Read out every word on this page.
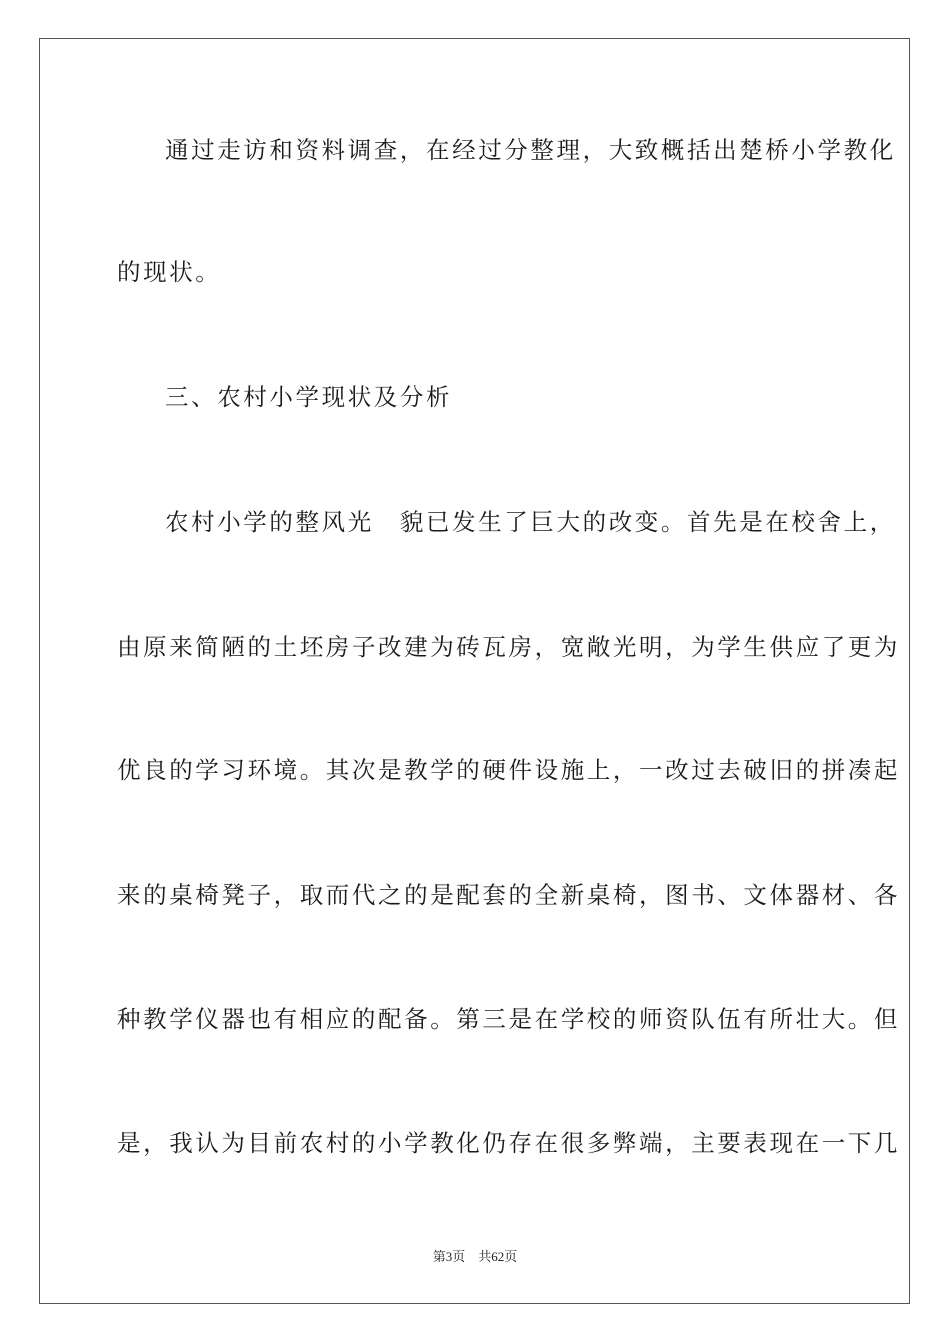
通过走访和资料调查，在经过分整理，大致概括出楚桥小学教化
的现状。
三、农村小学现状及分析
农村小学的整风光　貌已发生了巨大的改变。首先是在校舍上，
由原来简陋的土坯房子改建为砖瓦房，宽敞光明，为学生供应了更为
优良的学习环境。其次是教学的硬件设施上，一改过去破旧的拼凑起
来的桌椅凳子，取而代之的是配套的全新桌椅，图书、文体器材、各
种教学仪器也有相应的配备。第三是在学校的师资队伍有所壮大。但
是，我认为目前农村的小学教化仍存在很多弊端，主要表现在一下几
第3页　共62页
